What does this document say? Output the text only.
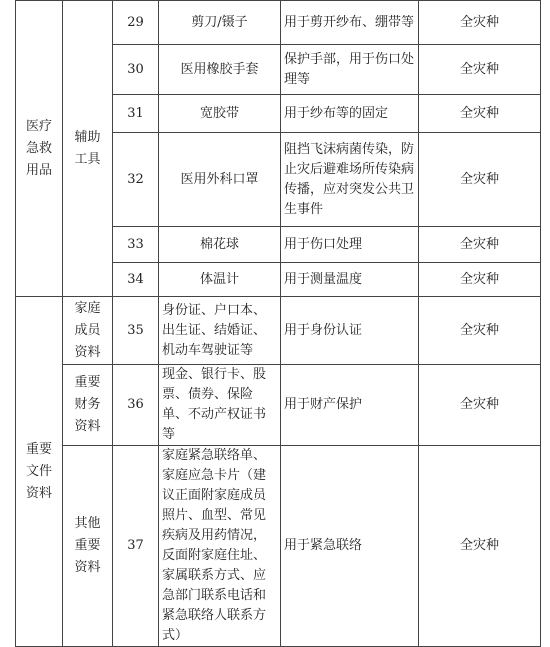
医疗急救用品	辅助工具	29	剪刀/镊子	用于剪开纱布、绷带等	全灾种
		30	医用橡胶手套	保护手部，用于伤口处理等	全灾种
		31	宽胶带	用于纱布等的固定	全灾种
		32	医用外科口罩	阻挡飞沫病菌传染，防止灾后避难场所传染病传播，应对突发公共卫生事件	全灾种
		33	棉花球	用于伤口处理	全灾种
		34	体温计	用于测量温度	全灾种
重要文件资料	家庭成员资料	35	身份证、户口本、出生证、结婚证、机动车驾驶证等	用于身份认证	全灾种
	重要财务资料	36	现金、银行卡、股票、债券、保险单、不动产权证书等	用于财产保护	全灾种
	其他重要资料	37	家庭紧急联络单、家庭应急卡片（建议正面附家庭成员照片、血型、常见疾病及用药情况，反面附家庭住址、家属联系方式、应急部门联系电话和紧急联络人联系方式）	用于紧急联络	全灾种
